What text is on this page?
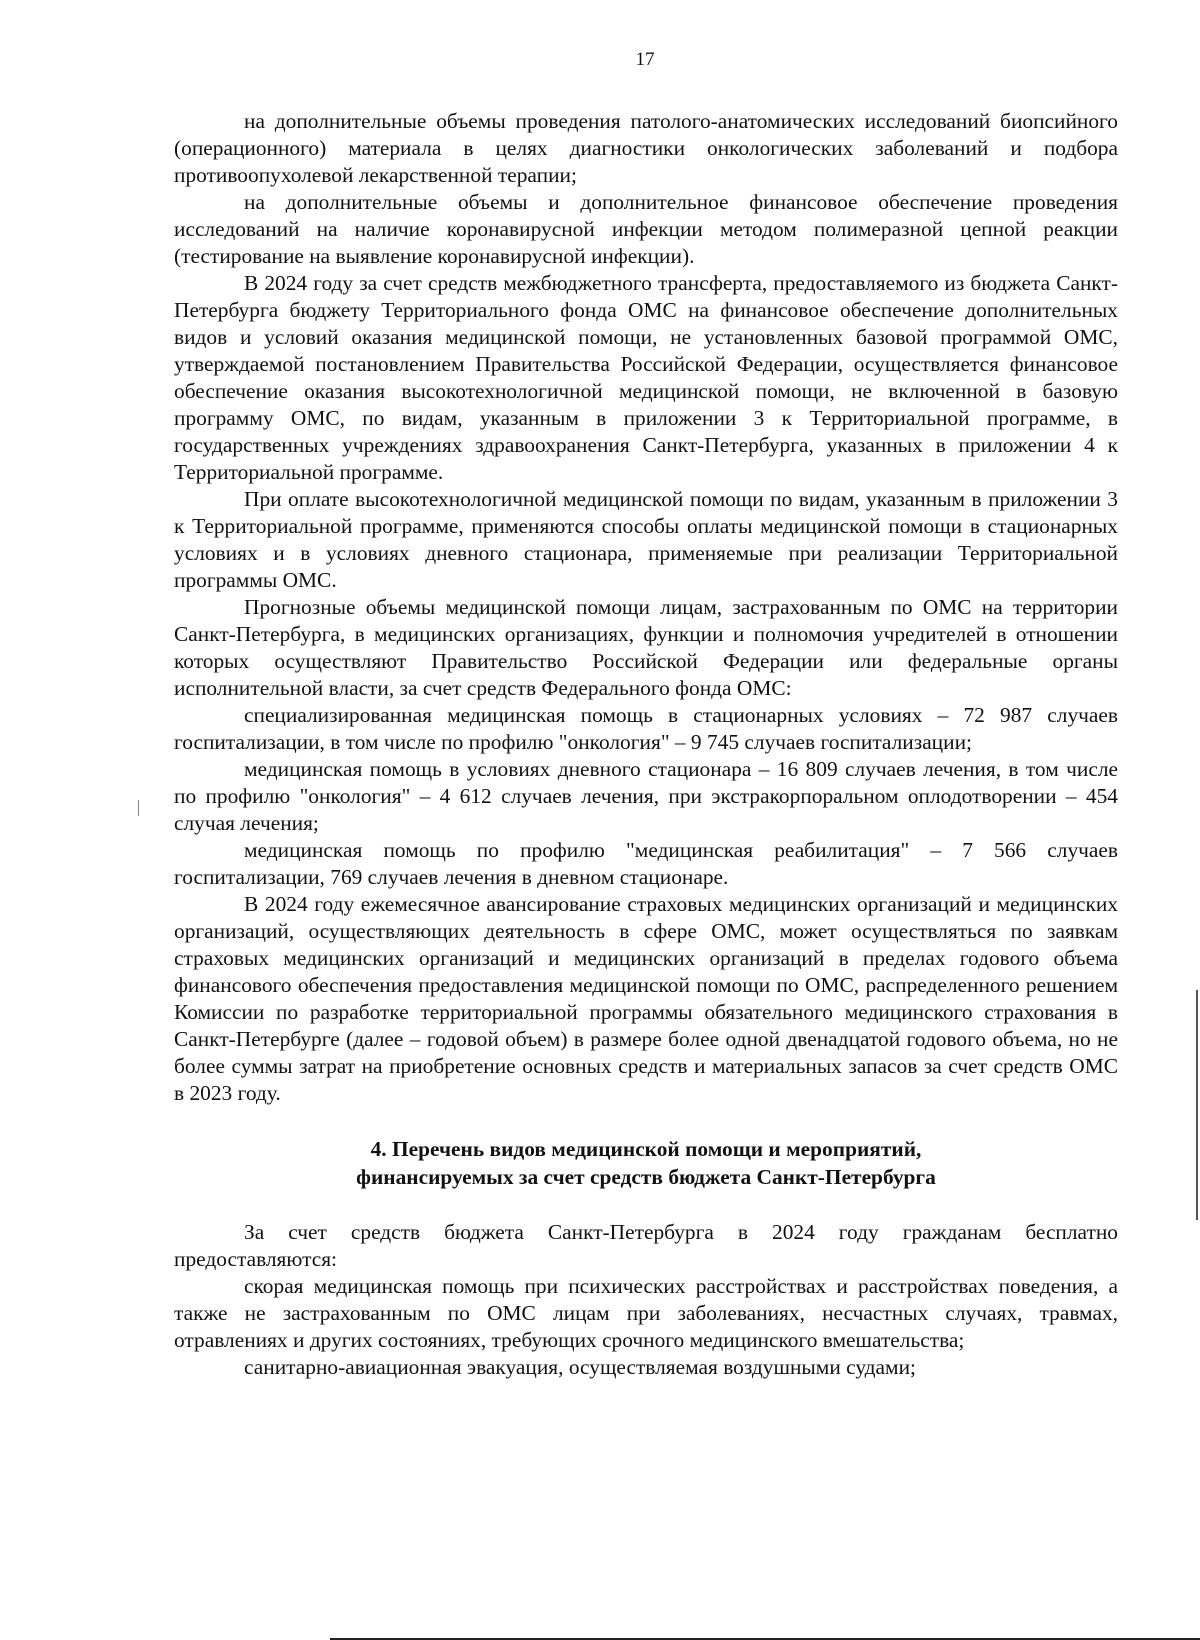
17

на дополнительные объемы проведения патолого-анатомических исследований биопсийного (операционного) материала в целях диагностики онкологических заболеваний и подбора противоопухолевой лекарственной терапии;

на дополнительные объемы и дополнительное финансовое обеспечение проведения исследований на наличие коронавирусной инфекции методом полимеразной цепной реакции (тестирование на выявление коронавирусной инфекции).

В 2024 году за счет средств межбюджетного трансферта, предоставляемого из бюджета Санкт-Петербурга бюджету Территориального фонда ОМС на финансовое обеспечение дополнительных видов и условий оказания медицинской помощи, не установленных базовой программой ОМС, утверждаемой постановлением Правительства Российской Федерации, осуществляется финансовое обеспечение оказания высокотехнологичной медицинской помощи, не включенной в базовую программу ОМС, по видам, указанным в приложении 3 к Территориальной программе, в государственных учреждениях здравоохранения Санкт-Петербурга, указанных в приложении 4 к Территориальной программе.

При оплате высокотехнологичной медицинской помощи по видам, указанным в приложении 3 к Территориальной программе, применяются способы оплаты медицинской помощи в стационарных условиях и в условиях дневного стационара, применяемые при реализации Территориальной программы ОМС.

Прогнозные объемы медицинской помощи лицам, застрахованным по ОМС на территории Санкт-Петербурга, в медицинских организациях, функции и полномочия учредителей в отношении которых осуществляют Правительство Российской Федерации или федеральные органы исполнительной власти, за счет средств Федерального фонда ОМС:

специализированная медицинская помощь в стационарных условиях – 72 987 случаев госпитализации, в том числе по профилю "онкология" – 9 745 случаев госпитализации;

медицинская помощь в условиях дневного стационара – 16 809 случаев лечения, в том числе по профилю "онкология" – 4 612 случаев лечения, при экстракорпоральном оплодотворении – 454 случая лечения;

медицинская помощь по профилю "медицинская реабилитация" – 7 566 случаев госпитализации, 769 случаев лечения в дневном стационаре.

В 2024 году ежемесячное авансирование страховых медицинских организаций и медицинских организаций, осуществляющих деятельность в сфере ОМС, может осуществляться по заявкам страховых медицинских организаций и медицинских организаций в пределах годового объема финансового обеспечения предоставления медицинской помощи по ОМС, распределенного решением Комиссии по разработке территориальной программы обязательного медицинского страхования в Санкт-Петербурге (далее – годовой объем) в размере более одной двенадцатой годового объема, но не более суммы затрат на приобретение основных средств и материальных запасов за счет средств ОМС в 2023 году.

4. Перечень видов медицинской помощи и мероприятий,
финансируемых за счет средств бюджета Санкт-Петербурга

За счет средств бюджета Санкт-Петербурга в 2024 году гражданам бесплатно предоставляются:

скорая медицинская помощь при психических расстройствах и расстройствах поведения, а также не застрахованным по ОМС лицам при заболеваниях, несчастных случаях, травмах, отравлениях и других состояниях, требующих срочного медицинского вмешательства;

санитарно-авиационная эвакуация, осуществляемая воздушными судами;
